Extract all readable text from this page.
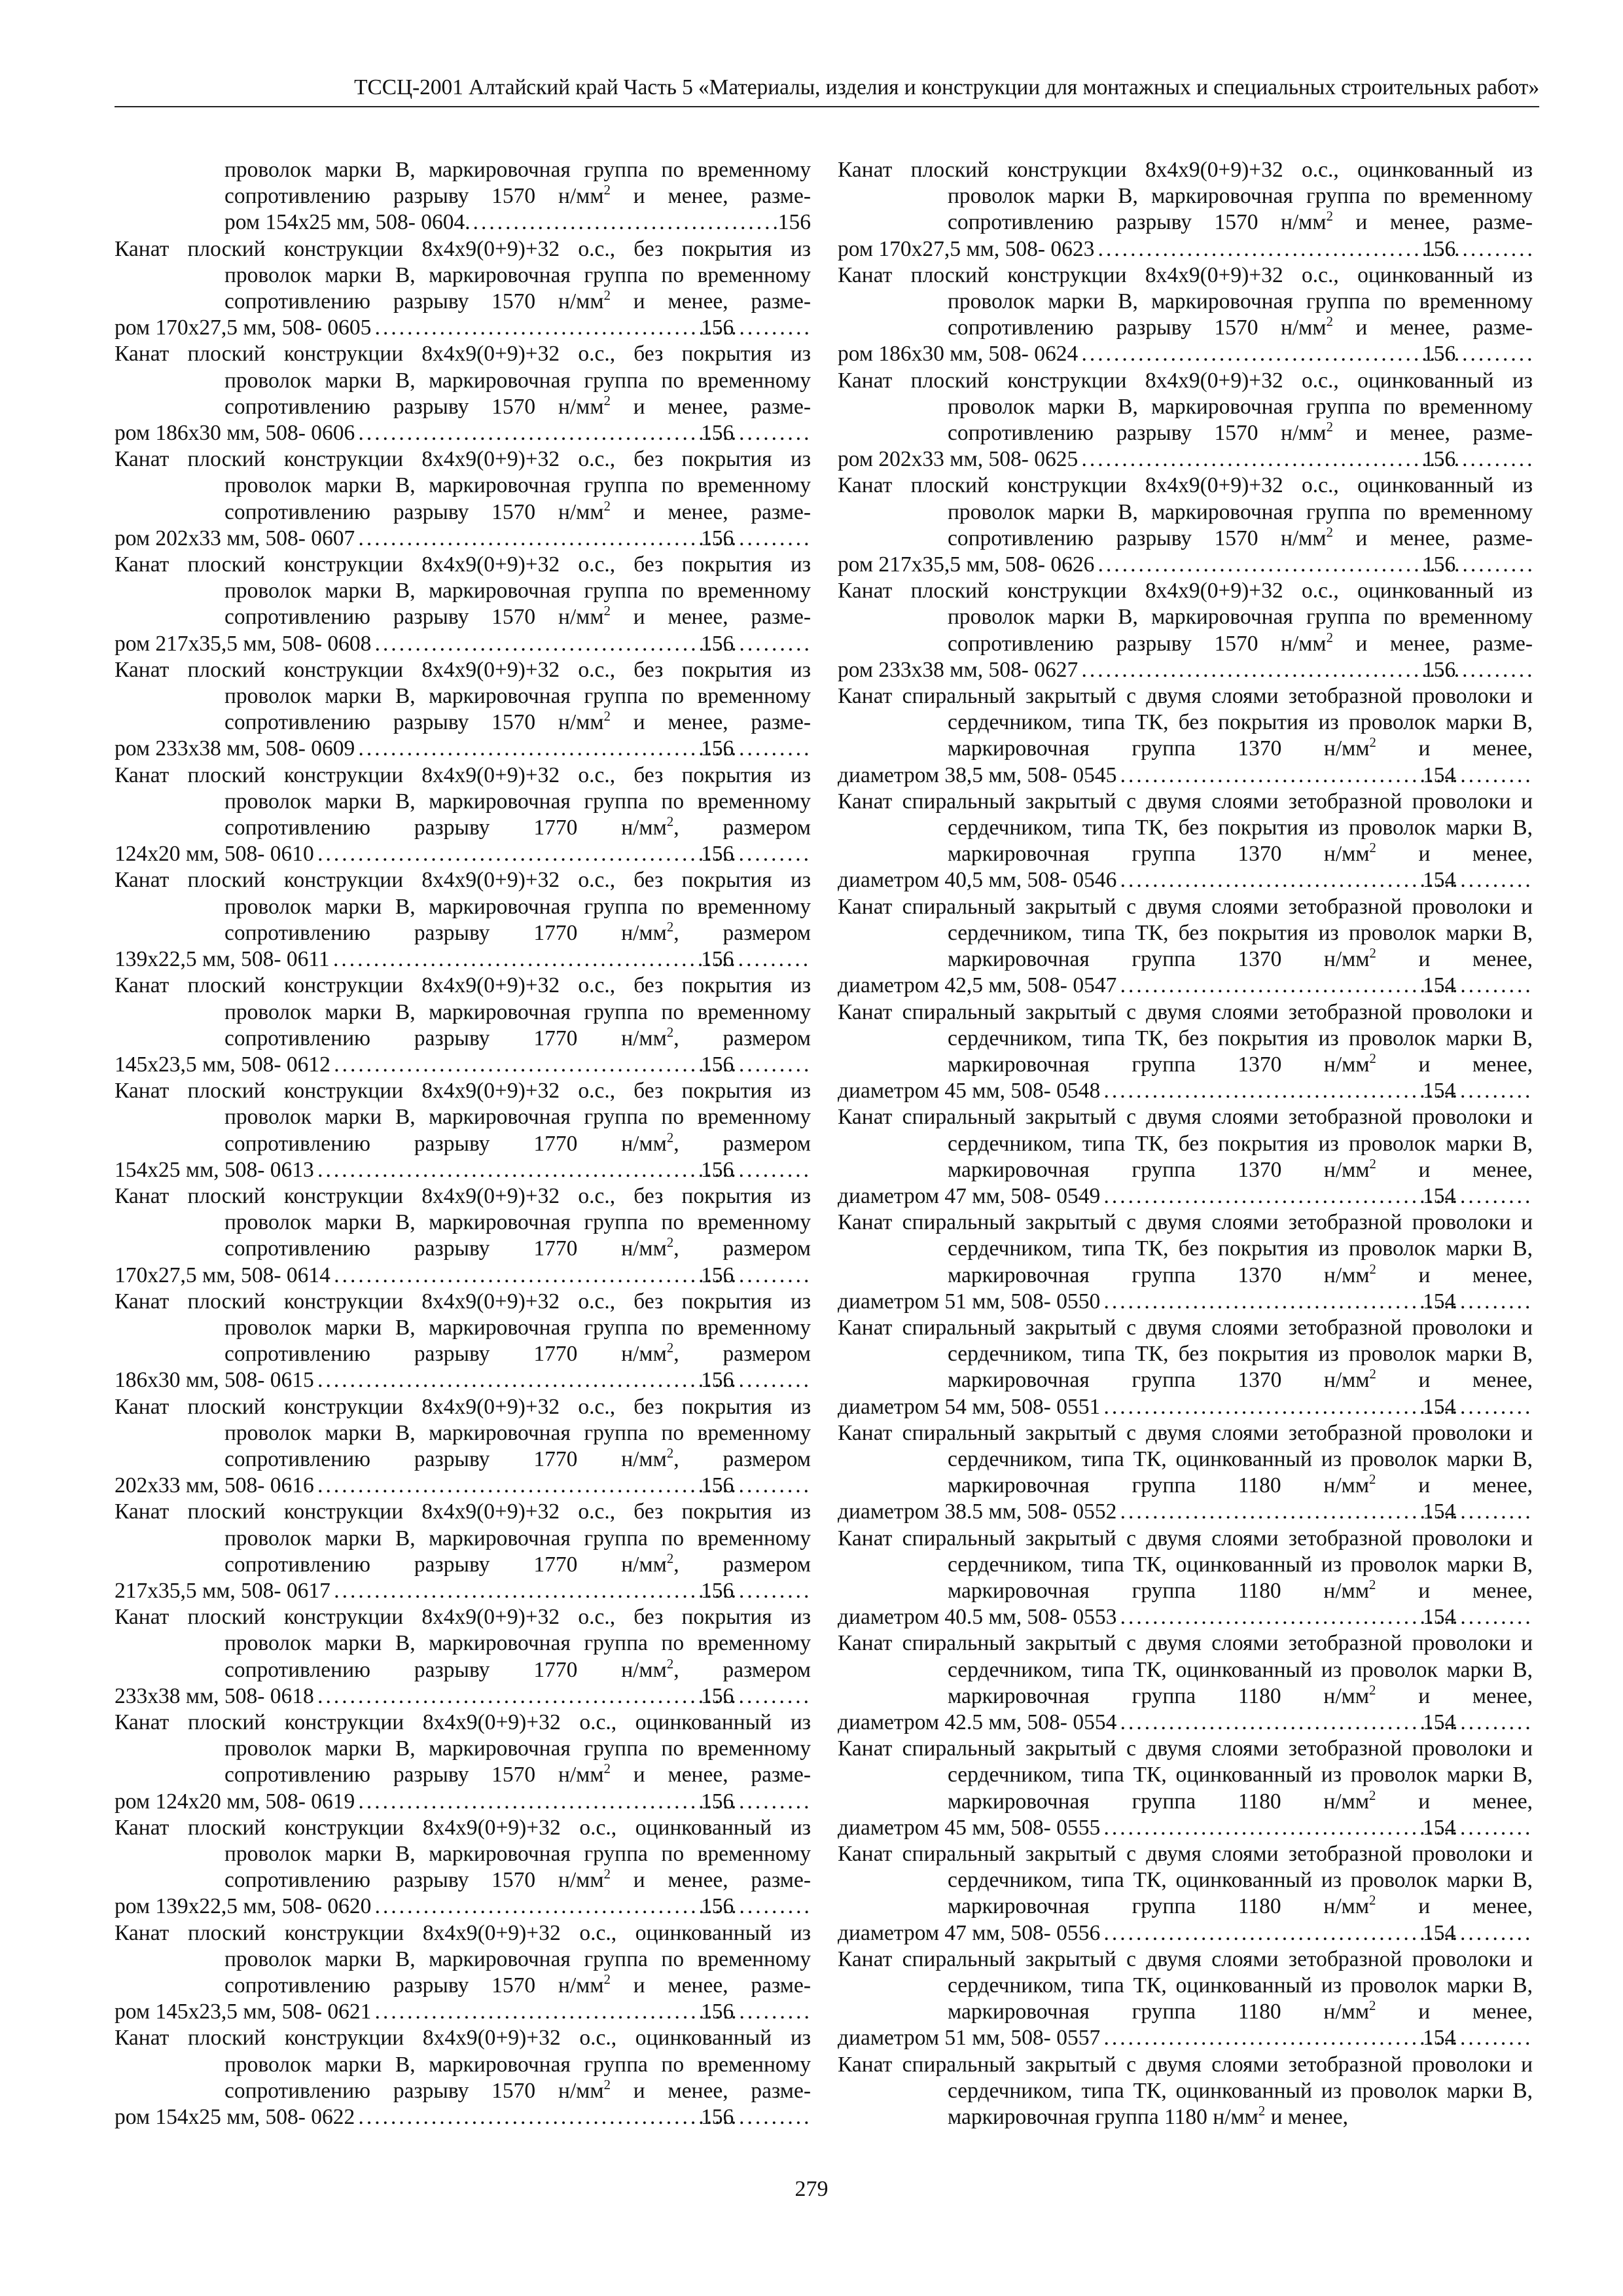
ТССЦ-2001 Алтайский край Часть 5 «Материалы, изделия и конструкции для монтажных и специальных строительных работ»
проволок марки В, маркировочная группа по временному сопротивлению разрыву 1570 $н/мм^2$ и менее, разме-
ром 154х25 мм, 508- 0604 .....	156
Канат плоский конструкции 8х4х9(0+9)+32 о.с., без покрытия из проволок марки В, маркировочная группа по временному сопротивлению разрыву 1570 $н/мм^2$ и менее, разме-
ром 170х27,5 мм, 508- 0605 .....	156
Канат плоский конструкции 8х4х9(0+9)+32 о.с., без покрытия из проволок марки В, маркировочная группа по временному сопротивлению разрыву 1570 $н/мм^2$ и менее, разме-
ром 186х30 мм, 508- 0606 .....	156
Канат плоский конструкции 8х4х9(0+9)+32 о.с., без покрытия из проволок марки В, маркировочная группа по временному сопротивлению разрыву 1570 $н/мм^2$ и менее, разме-
ром 202х33 мм, 508- 0607 .....	156
Канат плоский конструкции 8х4х9(0+9)+32 о.с., без покрытия из проволок марки В, маркировочная группа по временному сопротивлению разрыву 1570 $н/мм^2$ и менее, разме-
ром 217х35,5 мм, 508- 0608 .....	156
Канат плоский конструкции 8х4х9(0+9)+32 о.с., без покрытия из проволок марки В, маркировочная группа по временному сопротивлению разрыву 1570 $н/мм^2$ и менее, разме-
ром 233х38 мм, 508- 0609 .....	156
Канат плоский конструкции 8х4х9(0+9)+32 о.с., без покрытия из проволок марки В, маркировочная группа по временному сопротивлению разрыву 1770 $н/мм^2$, размером
124х20 мм, 508- 0610 .....	156
Канат плоский конструкции 8х4х9(0+9)+32 о.с., без покрытия из проволок марки В, маркировочная группа по временному сопротивлению разрыву 1770 $н/мм^2$, размером
139х22,5 мм, 508- 0611 .....	156
Канат плоский конструкции 8х4х9(0+9)+32 о.с., без покрытия из проволок марки В, маркировочная группа по временному сопротивлению разрыву 1770 $н/мм^2$, размером
145х23,5 мм, 508- 0612 .....	156
Канат плоский конструкции 8х4х9(0+9)+32 о.с., без покрытия из проволок марки В, маркировочная группа по временному сопротивлению разрыву 1770 $н/мм^2$, размером
154х25 мм, 508- 0613 .....	156
Канат плоский конструкции 8х4х9(0+9)+32 о.с., без покрытия из проволок марки В, маркировочная группа по временному сопротивлению разрыву 1770 $н/мм^2$, размером
170х27,5 мм, 508- 0614 .....	156
Канат плоский конструкции 8х4х9(0+9)+32 о.с., без покрытия из проволок марки В, маркировочная группа по временному сопротивлению разрыву 1770 $н/мм^2$, размером
186х30 мм, 508- 0615 .....	156
Канат плоский конструкции 8х4х9(0+9)+32 о.с., без покрытия из проволок марки В, маркировочная группа по временному сопротивлению разрыву 1770 $н/мм^2$, размером
202х33 мм, 508- 0616 .....	156
Канат плоский конструкции 8х4х9(0+9)+32 о.с., без покрытия из проволок марки В, маркировочная группа по временному сопротивлению разрыву 1770 $н/мм^2$, размером
217х35,5 мм, 508- 0617 .....	156
Канат плоский конструкции 8х4х9(0+9)+32 о.с., без покрытия из проволок марки В, маркировочная группа по временному сопротивлению разрыву 1770 $н/мм^2$, размером
233х38 мм, 508- 0618 .....	156
Канат плоский конструкции 8х4х9(0+9)+32 о.с., оцинкованный из проволок марки В, маркировочная группа по временному сопротивлению разрыву 1570 $н/мм^2$ и менее, разме-
ром 124х20 мм, 508- 0619 .....	156
Канат плоский конструкции 8х4х9(0+9)+32 о.с., оцинкованный из проволок марки В, маркировочная группа по временному сопротивлению разрыву 1570 $н/мм^2$ и менее, разме-
ром 139х22,5 мм, 508- 0620 .....	156
Канат плоский конструкции 8х4х9(0+9)+32 о.с., оцинкованный из проволок марки В, маркировочная группа по временному сопротивлению разрыву 1570 $н/мм^2$ и менее, разме-
ром 145х23,5 мм, 508- 0621 .....	156
Канат плоский конструкции 8х4х9(0+9)+32 о.с., оцинкованный из проволок марки В, маркировочная группа по временному сопротивлению разрыву 1570 $н/мм^2$ и менее, разме-
ром 154х25 мм, 508- 0622 .....	156
Канат плоский конструкции 8х4х9(0+9)+32 о.с., оцинкованный из проволок марки В, маркировочная группа по временному сопротивлению разрыву 1570 $н/мм^2$ и менее, разме-
ром 170х27,5 мм, 508- 0623 .....	156
Канат плоский конструкции 8х4х9(0+9)+32 о.с., оцинкованный из проволок марки В, маркировочная группа по временному сопротивлению разрыву 1570 $н/мм^2$ и менее, разме-
ром 186х30 мм, 508- 0624 .....	156
Канат плоский конструкции 8х4х9(0+9)+32 о.с., оцинкованный из проволок марки В, маркировочная группа по временному сопротивлению разрыву 1570 $н/мм^2$ и менее, разме-
ром 202х33 мм, 508- 0625 .....	156
Канат плоский конструкции 8х4х9(0+9)+32 о.с., оцинкованный из проволок марки В, маркировочная группа по временному сопротивлению разрыву 1570 $н/мм^2$ и менее, разме-
ром 217х35,5 мм, 508- 0626 .....	156
Канат плоский конструкции 8х4х9(0+9)+32 о.с., оцинкованный из проволок марки В, маркировочная группа по временному сопротивлению разрыву 1570 $н/мм^2$ и менее, разме-
ром 233х38 мм, 508- 0627 .....	156
Канат спиральный закрытый с двумя слоями зетобразной проволоки и сердечником, типа ТК, без покрытия из проволок марки В, маркировочная группа 1370 $н/мм^2$ и менее,
диаметром 38,5 мм, 508- 0545 .....	154
Канат спиральный закрытый с двумя слоями зетобразной проволоки и сердечником, типа ТК, без покрытия из проволок марки В, маркировочная группа 1370 $н/мм^2$ и менее,
диаметром 40,5 мм, 508- 0546 .....	154
Канат спиральный закрытый с двумя слоями зетобразной проволоки и сердечником, типа ТК, без покрытия из проволок марки В, маркировочная группа 1370 $н/мм^2$ и менее,
диаметром 42,5 мм, 508- 0547 .....	154
Канат спиральный закрытый с двумя слоями зетобразной проволоки и сердечником, типа ТК, без покрытия из проволок марки В, маркировочная группа 1370 $н/мм^2$ и менее,
диаметром 45 мм, 508- 0548 .....	154
Канат спиральный закрытый с двумя слоями зетобразной проволоки и сердечником, типа ТК, без покрытия из проволок марки В, маркировочная группа 1370 $н/мм^2$ и менее,
диаметром 47 мм, 508- 0549 .....	154
Канат спиральный закрытый с двумя слоями зетобразной проволоки и сердечником, типа ТК, без покрытия из проволок марки В, маркировочная группа 1370 $н/мм^2$ и менее,
диаметром 51 мм, 508- 0550 .....	154
Канат спиральный закрытый с двумя слоями зетобразной проволоки и сердечником, типа ТК, без покрытия из проволок марки В, маркировочная группа 1370 $н/мм^2$ и менее,
диаметром 54 мм, 508- 0551 .....	154
Канат спиральный закрытый с двумя слоями зетобразной проволоки и сердечником, типа ТК, оцинкованный из проволок марки В, маркировочная группа 1180 $н/мм^2$ и менее,
диаметром 38.5 мм, 508- 0552 .....	154
Канат спиральный закрытый с двумя слоями зетобразной проволоки и сердечником, типа ТК, оцинкованный из проволок марки В, маркировочная группа 1180 $н/мм^2$ и менее,
диаметром 40.5 мм, 508- 0553 .....	154
Канат спиральный закрытый с двумя слоями зетобразной проволоки и сердечником, типа ТК, оцинкованный из проволок марки В, маркировочная группа 1180 $н/мм^2$ и менее,
диаметром 42.5 мм, 508- 0554 .....	154
Канат спиральный закрытый с двумя слоями зетобразной проволоки и сердечником, типа ТК, оцинкованный из проволок марки В, маркировочная группа 1180 $н/мм^2$ и менее,
диаметром 45 мм, 508- 0555 .....	154
Канат спиральный закрытый с двумя слоями зетобразной проволоки и сердечником, типа ТК, оцинкованный из проволок марки В, маркировочная группа 1180 $н/мм^2$ и менее,
диаметром 47 мм, 508- 0556 .....	154
Канат спиральный закрытый с двумя слоями зетобразной проволоки и сердечником, типа ТК, оцинкованный из проволок марки В, маркировочная группа 1180 $н/мм^2$ и менее,
диаметром 51 мм, 508- 0557 .....	154
Канат спиральный закрытый с двумя слоями зетобразной проволоки и сердечником, типа ТК, оцинкованный из проволок марки В, маркировочная группа 1180 $н/мм^2$ и менее,
279
